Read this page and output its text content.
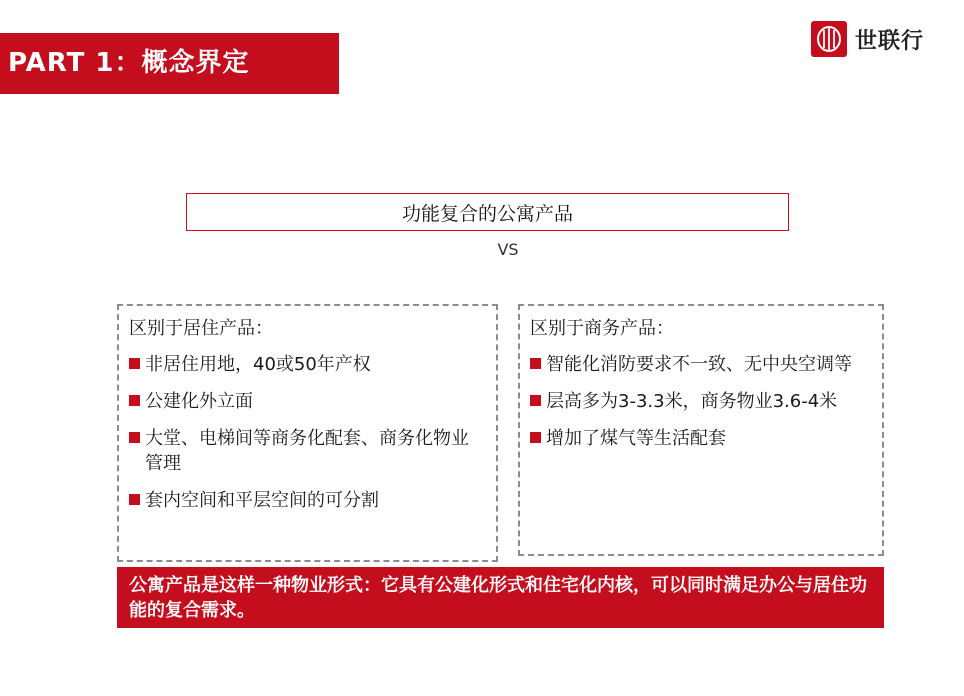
PART 1：概念界定
世联行
功能复合的公寓产品
VS
区别于居住产品：
非居住用地，40或50年产权
公建化外立面
大堂、电梯间等商务化配套、商务化物业管理
套内空间和平层空间的可分割
区别于商务产品：
智能化消防要求不一致、无中央空调等
层高多为3-3.3米，商务物业3.6-4米
增加了煤气等生活配套
公寓产品是这样一种物业形式：它具有公建化形式和住宅化内核，可以同时满足办公与居住功能的复合需求。
